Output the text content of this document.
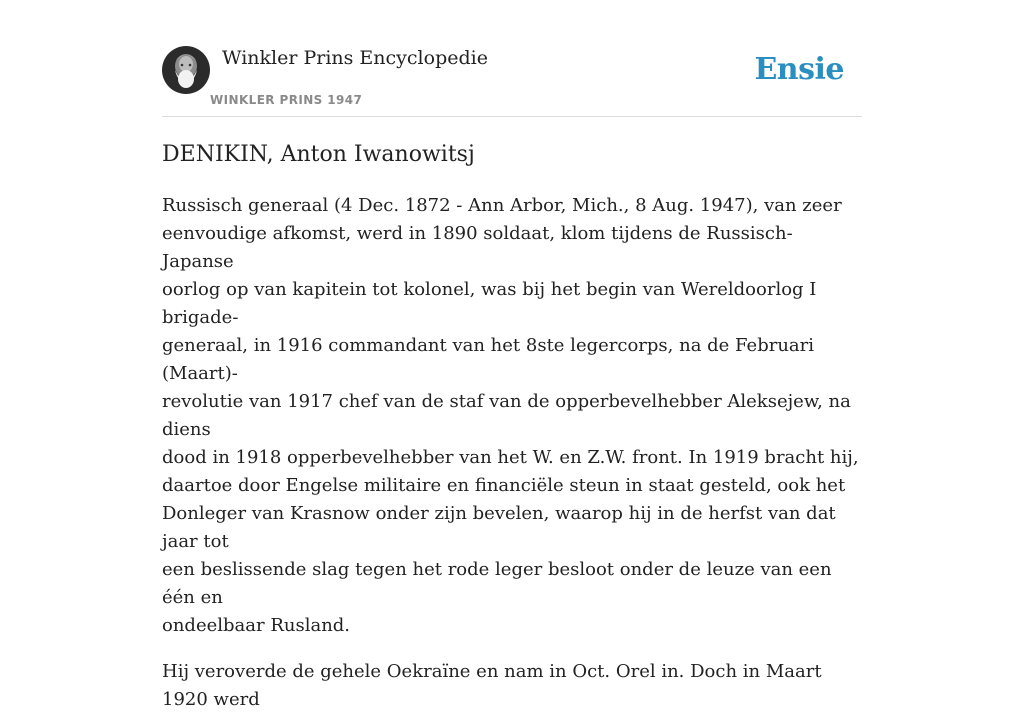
Winkler Prins Encyclopedie
WINKLER PRINS 1947
Ensie
DENIKIN, Anton Iwanowitsj

Russisch generaal (4 Dec. 1872 - Ann Arbor, Mich., 8 Aug. 1947), van zeer
eenvoudige afkomst, werd in 1890 soldaat, klom tijdens de Russisch-Japanse
oorlog op van kapitein tot kolonel, was bij het begin van Wereldoorlog I brigade-
generaal, in 1916 commandant van het 8ste legercorps, na de Februari (Maart)-
revolutie van 1917 chef van de staf van de opperbevelhebber Aleksejew, na diens
dood in 1918 opperbevelhebber van het W. en Z.W. front. In 1919 bracht hij,
daartoe door Engelse militaire en financiële steun in staat gesteld, ook het
Donleger van Krasnow onder zijn bevelen, waarop hij in de herfst van dat jaar tot
een beslissende slag tegen het rode leger besloot onder de leuze van een één en
ondeelbaar Rusland.

Hij veroverde de gehele Oekraïne en nam in Oct. Orel in. Doch in Maart 1920 werd
